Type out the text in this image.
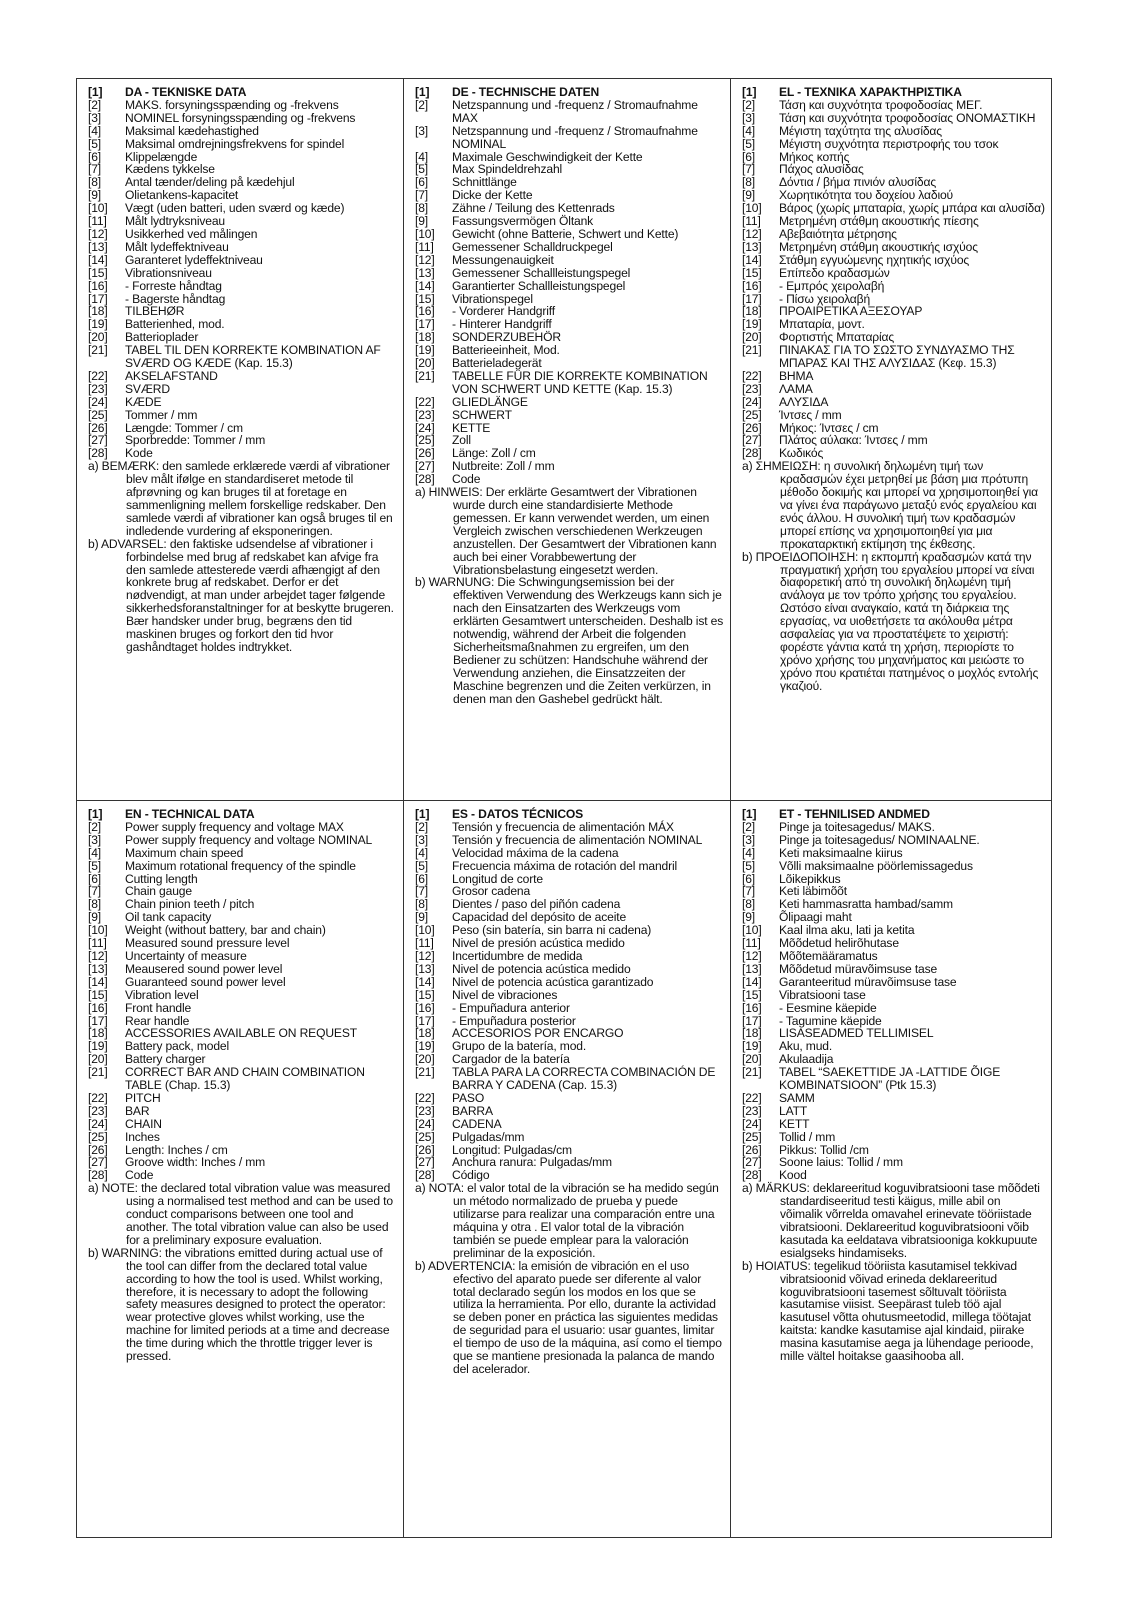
[1]	DA - TEKNISKE DATA
[2]	MAKS. forsyningsspænding og -frekvens
[3]	NOMINEL forsyningsspænding og -frekvens
[4]	Maksimal kædehastighed
[5]	Maksimal omdrejningsfrekvens for spindel
[6]	Klippelængde
[7]	Kædens tykkelse
[8]	Antal tænder/deling på kædehjul
[9]	Olietankens-kapacitet
[10]	Vægt (uden batteri, uden sværd og kæde)
[11]	Målt lydtryksniveau
[12]	Usikkerhed ved målingen
[13]	Målt lydeffektniveau
[14]	Garanteret lydeffektniveau
[15]	Vibrationsniveau
[16]	- Forreste håndtag
[17]	- Bagerste håndtag
[18]	TILBEHØR
[19]	Batterienhed, mod.
[20]	Batterioplader
[21]	TABEL TIL DEN KORREKTE KOMBINATION AF SVÆRD OG KÆDE (Kap. 15.3)
[22]	AKSELAFSTAND
[23]	SVÆRD
[24]	KÆDE
[25]	Tommer / mm
[26]	Længde: Tommer / cm
[27]	Sporbredde: Tommer / mm
[28]	Kode
a) BEMÆRK: den samlede erklærede værdi af vibrationer blev målt ifølge en standardiseret metode til afprøvning og kan bruges til at foretage en sammenligning mellem forskellige redskaber. Den samlede værdi af vibrationer kan også bruges til en indledende vurdering af eksponeringen.
b) ADVARSEL: den faktiske udsendelse af vibrationer i forbindelse med brug af redskabet kan afvige fra den samlede attesterede værdi afhængigt af den konkrete brug af redskabet. Derfor er det nødvendigt, at man under arbejdet tager følgende sikkerhedsforanstaltninger for at beskytte brugeren. Bær handsker under brug, begræns den tid maskinen bruges og forkort den tid hvor gashåndtaget holdes indtrykket.
[1]	DE - TECHNISCHE DATEN
[2]	Netzspannung und -frequenz / Stromaufnahme MAX
[3]	Netzspannung und -frequenz / Stromaufnahme NOMINAL
[4]	Maximale Geschwindigkeit der Kette
[5]	Max Spindeldrehzahl
[6]	Schnittlänge
[7]	Dicke der Kette
[8]	Zähne / Teilung des Kettenrads
[9]	Fassungsvermögen Öltank
[10]	Gewicht (ohne Batterie, Schwert und Kette)
[11]	Gemessener Schalldruckpegel
[12]	Messungenauigkeit
[13]	Gemessener Schallleistungspegel
[14]	Garantierter Schallleistungspegel
[15]	Vibrationspegel
[16]	- Vorderer Handgriff
[17]	- Hinterer Handgriff
[18]	SONDERZUBEHÖR
[19]	Batterieeinheit, Mod.
[20]	Batterieladegerät
[21]	TABELLE FÜR DIE KORREKTE KOMBINATION VON SCHWERT UND KETTE (Kap. 15.3)
[22]	GLIEDLÄNGE
[23]	SCHWERT
[24]	KETTE
[25]	Zoll
[26]	Länge: Zoll / cm
[27]	Nutbreite: Zoll / mm
[28]	Code
a) HINWEIS: Der erklärte Gesamtwert der Vibrationen wurde durch eine standardisierte Methode gemessen. Er kann verwendet werden, um einen Vergleich zwischen verschiedenen Werkzeugen anzustellen. Der Gesamtwert der Vibrationen kann auch bei einer Vorabbewertung der Vibrationsbelastung eingesetzt werden.
b) WARNUNG: Die Schwingungsemission bei der effektiven Verwendung des Werkzeugs kann sich je nach den Einsatzarten des Werkzeugs vom erklärten Gesamtwert unterscheiden. Deshalb ist es notwendig, während der Arbeit die folgenden Sicherheitsmaßnahmen zu ergreifen, um den Bediener zu schützen: Handschuhe während der Verwendung anziehen, die Einsatzzeiten der Maschine begrenzen und die Zeiten verkürzen, in denen man den Gashebel gedrückt hält.
[1]	EL - ΤΕΧΝΙΚΑ ΧΑΡΑΚΤΗΡΙΣΤΙΚΑ
[2]	Τάση και συχνότητα τροφοδοσίας ΜΕΓ.
[3]	Τάση και συχνότητα τροφοδοσίας ΟΝΟΜΑΣΤΙΚΗ
[4]	Μέγιστη ταχύτητα της αλυσίδας
[5]	Μέγιστη συχνότητα περιστροφής του τσοκ
[6]	Μήκος κοπής
[7]	Πάχος αλυσίδας
[8]	Δόντια / βήμα πινιόν αλυσίδας
[9]	Χωρητικότητα του δοχείου λαδιού
[10]	Βάρος (χωρίς μπαταρία, χωρίς μπάρα και αλυσίδα)
[11]	Μετρημένη στάθμη ακουστικής πίεσης
[12]	Αβεβαιότητα μέτρησης
[13]	Μετρημένη στάθμη ακουστικής ισχύος
[14]	Στάθμη εγγυώμενης ηχητικής ισχύος
[15]	Επίπεδο κραδασμών
[16]	- Εμπρός χειρολαβή
[17]	- Πίσω χειρολαβή
[18]	ΠΡΟΑΙΡΕΤΙΚΑ ΑΞΕΣΟΥΑΡ
[19]	Μπαταρία, μοντ.
[20]	Φορτιστής Μπαταρίας
[21]	ΠΙΝΑΚΑΣ ΓΙΑ ΤΟ ΣΩΣΤΟ ΣΥΝΔΥΑΣΜΟ ΤΗΣ ΜΠΑΡΑΣ ΚΑΙ ΤΗΣ ΑΛΥΣΙΔΑΣ (Κεφ. 15.3)
[22]	ΒΗΜΑ
[23]	ΛΑΜΑ
[24]	ΑΛΥΣΙΔΑ
[25]	Ίντσες / mm
[26]	Μήκος: Ίντσες / cm
[27]	Πλάτος αύλακα: Ίντσες / mm
[28]	Κωδικός
a) ΣΗΜΕΙΩΣΗ: η συνολική δηλωμένη τιμή των κραδασμών έχει μετρηθεί με βάση μια πρότυπη μέθοδο δοκιμής και μπορεί να χρησιμοποιηθεί για να γίνει ένα παράγωνο μεταξύ ενός εργαλείου και ενός άλλου. Η συνολική τιμή των κραδασμών μπορεί επίσης να χρησιμοποιηθεί για μια προκαταρκτική εκτίμηση της έκθεσης.
b) ΠΡΟΕΙΔΟΠΟΙΗΣΗ: η εκπομπή κραδασμών κατά την πραγματική χρήση του εργαλείου μπορεί να είναι διαφορετική από τη συνολική δηλωμένη τιμή ανάλογα με τον τρόπο χρήσης του εργαλείου. Ωστόσο είναι αναγκαίο, κατά τη διάρκεια της εργασίας, να υιοθετήσετε τα ακόλουθα μέτρα ασφαλείας για να προστατέψετε το χειριστή: φορέστε γάντια κατά τη χρήση, περιορίστε το χρόνο χρήσης του μηχανήματος και μειώστε το χρόνο που κρατιέται πατημένος ο μοχλός εντολής γκαζιού.
[1]	EN - TECHNICAL DATA
[2]	Power supply frequency and voltage MAX
[3]	Power supply frequency and voltage NOMINAL
[4]	Maximum chain speed
[5]	Maximum rotational frequency of the spindle
[6]	Cutting length
[7]	Chain gauge
[8]	Chain pinion teeth / pitch
[9]	Oil tank capacity
[10]	Weight (without battery, bar and chain)
[11]	Measured sound pressure level
[12]	Uncertainty of measure
[13]	Meausered sound power level
[14]	Guaranteed sound power level
[15]	Vibration level
[16]	Front handle
[17]	Rear handle
[18]	ACCESSORIES AVAILABLE ON REQUEST
[19]	Battery pack, model
[20]	Battery charger
[21]	CORRECT BAR AND CHAIN COMBINATION TABLE (Chap. 15.3)
[22]	PITCH
[23]	BAR
[24]	CHAIN
[25]	Inches
[26]	Length: Inches / cm
[27]	Groove width: Inches / mm
[28]	Code
a) NOTE: the declared total vibration value was measured using a normalised test method and can be used to conduct comparisons between one tool and another. The total vibration value can also be used for a preliminary exposure evaluation.
b) WARNING: the vibrations emitted during actual use of the tool can differ from the declared total value according to how the tool is used. Whilst working, therefore, it is necessary to adopt the following safety measures designed to protect the operator: wear protective gloves whilst working, use the machine for limited periods at a time and decrease the time during which the throttle trigger lever is pressed.
[1]	ES - DATOS TÉCNICOS
[2]	Tensión y frecuencia de alimentación MÁX
[3]	Tensión y frecuencia de alimentación NOMINAL
[4]	Velocidad máxima de la cadena
[5]	Frecuencia máxima de rotación del mandril
[6]	Longitud de corte
[7]	Grosor cadena
[8]	Dientes / paso del piñón cadena
[9]	Capacidad del depósito de aceite
[10]	Peso (sin batería, sin barra ni cadena)
[11]	Nivel de presión acústica medido
[12]	Incertidumbre de medida
[13]	Nivel de potencia acústica medido
[14]	Nivel de potencia acústica garantizado
[15]	Nivel de vibraciones
[16]	- Empuñadura anterior
[17]	- Empuñadura posterior
[18]	ACCESORIOS POR ENCARGO
[19]	Grupo de la batería, mod.
[20]	Cargador de la batería
[21]	TABLA PARA LA CORRECTA COMBINACIÓN DE BARRA Y CADENA (Cap. 15.3)
[22]	PASO
[23]	BARRA
[24]	CADENA
[25]	Pulgadas/mm
[26]	Longitud: Pulgadas/cm
[27]	Anchura ranura: Pulgadas/mm
[28]	Código
a) NOTA: el valor total de la vibración se ha medido según un método normalizado de prueba y puede utilizarse para realizar una comparación entre una máquina y otra . El valor total de la vibración también se puede emplear para la valoración preliminar de la exposición.
b) ADVERTENCIA: la emisión de vibración en el uso efectivo del aparato puede ser diferente al valor total declarado según los modos en los que se utiliza la herramienta. Por ello, durante la actividad se deben poner en práctica las siguientes medidas de seguridad para el usuario: usar guantes, limitar el tiempo de uso de la máquina, así como el tiempo que se mantiene presionada la palanca de mando del acelerador.
[1]	ET - TEHNILISED ANDMED
[2]	Pinge ja toitesagedus/ MAKS.
[3]	Pinge ja toitesagedus/ NOMINAALNE.
[4]	Keti maksimaalne kiirus
[5]	Võlli maksimaalne pöörlemissagedus
[6]	Lõikepikkus
[7]	Keti läbimõõt
[8]	Keti hammasratta hambad/samm
[9]	Õlipaagi maht
[10]	Kaal ilma aku, lati ja ketita
[11]	Mõõdetud helirõhutase
[12]	Mõõtemääramatus
[13]	Mõõdetud müravõimsuse tase
[14]	Garanteeritud müravõimsuse tase
[15]	Vibratsiooni tase
[16]	- Eesmine käepide
[17]	- Tagumine käepide
[18]	LISASEADMED TELLIMISEL
[19]	Aku, mud.
[20]	Akulaadija
[21]	TABEL “SAEKETTIDE JA -LATTIDE ÕIGE KOMBINATSIOON” (Ptk 15.3)
[22]	SAMM
[23]	LATT
[24]	KETT
[25]	Tollid / mm
[26]	Pikkus: Tollid /cm
[27]	Soone laius: Tollid / mm
[28]	Kood
a) MÄRKUS: deklareeritud koguvibratsiooni tase mõõdeti standardiseeritud testi käigus, mille abil on võimalik võrrelda omavahel erinevate tööriistade vibratsiooni. Deklareeritud koguvibratsiooni võib kasutada ka eeldatava vibratsiooniga kokkupuute esialgseks hindamiseks.
b) HOIATUS: tegelikud tööriista kasutamisel tekkivad vibratsioonid võivad erineda deklareeritud koguvibratsiooni tasemest sõltuvalt tööriista kasutamise viisist. Seepärast tuleb töö ajal kasutusel võtta ohutusmeetodid, millega töötajat kaitsta: kandke kasutamise ajal kindaid, piirake masina kasutamise aega ja lühendage perioode, mille vältel hoitakse gaasihooba all.
